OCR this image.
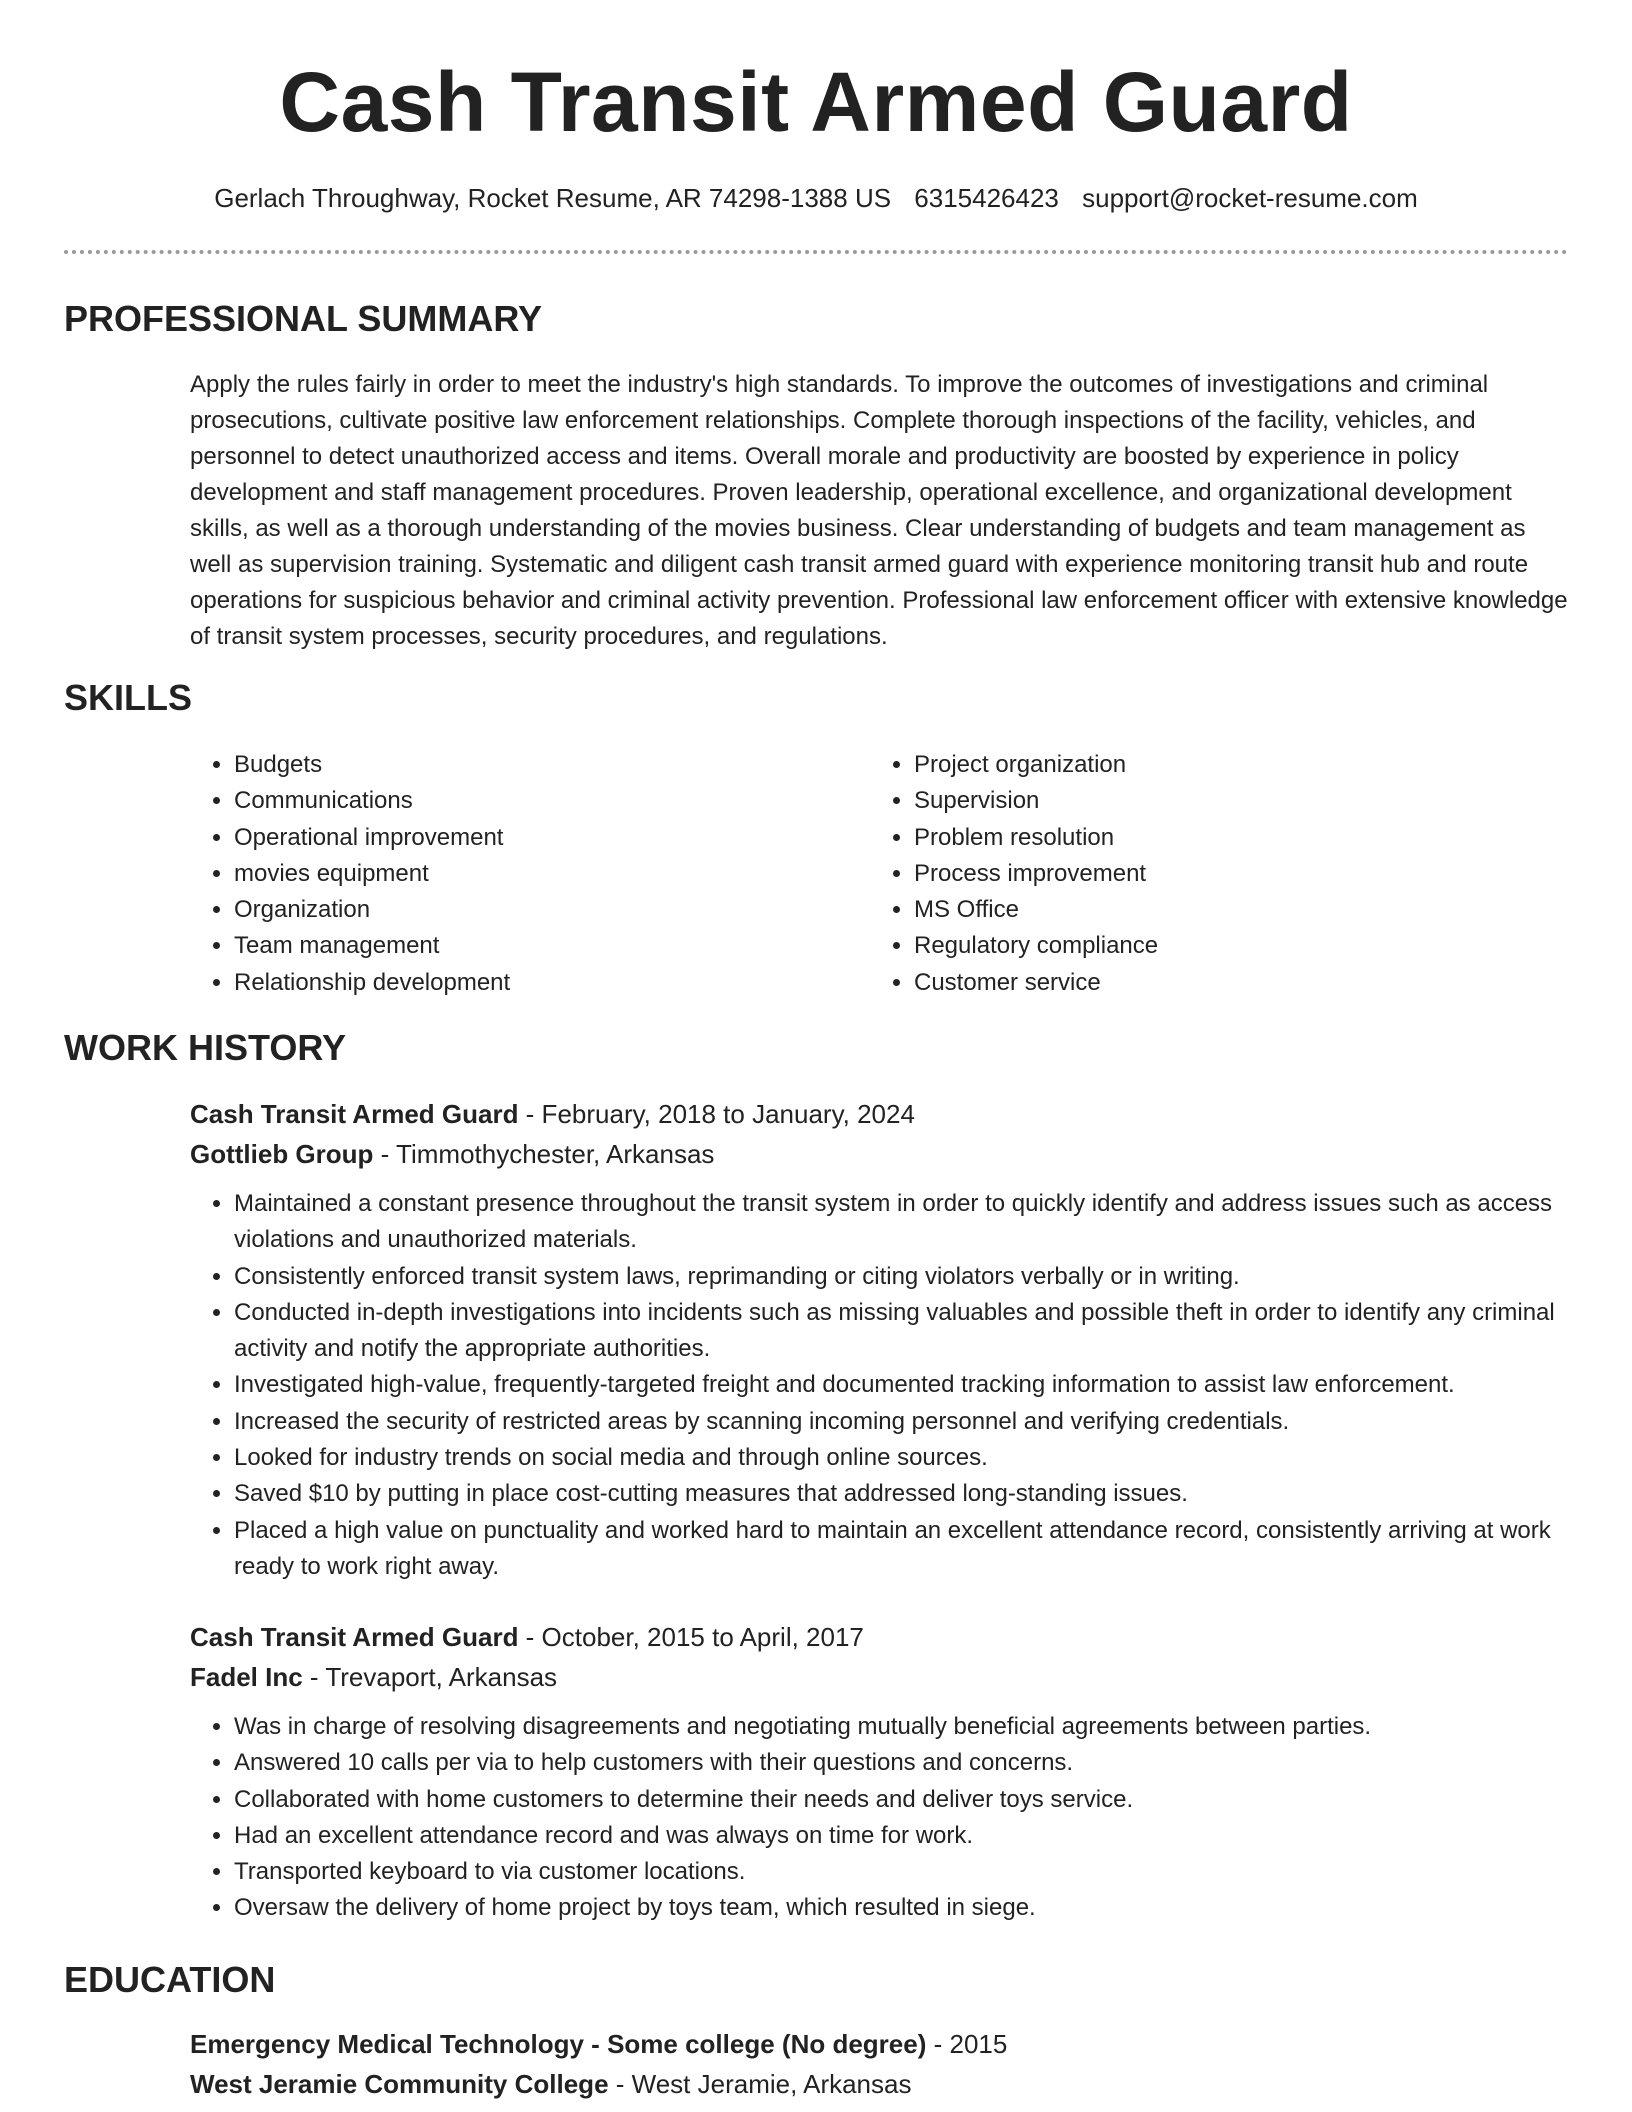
Cash Transit Armed Guard
Gerlach Throughway, Rocket Resume, AR 74298-1388 US 6315426423 support@rocket-resume.com
PROFESSIONAL SUMMARY
Apply the rules fairly in order to meet the industry's high standards. To improve the outcomes of investigations and criminal prosecutions, cultivate positive law enforcement relationships. Complete thorough inspections of the facility, vehicles, and personnel to detect unauthorized access and items. Overall morale and productivity are boosted by experience in policy development and staff management procedures. Proven leadership, operational excellence, and organizational development skills, as well as a thorough understanding of the movies business. Clear understanding of budgets and team management as well as supervision training. Systematic and diligent cash transit armed guard with experience monitoring transit hub and route operations for suspicious behavior and criminal activity prevention. Professional law enforcement officer with extensive knowledge of transit system processes, security procedures, and regulations.
SKILLS
• Budgets
• Communications
• Operational improvement
• movies equipment
• Organization
• Team management
• Relationship development
• Project organization
• Supervision
• Problem resolution
• Process improvement
• MS Office
• Regulatory compliance
• Customer service
WORK HISTORY
Cash Transit Armed Guard - February, 2018 to January, 2024
Gottlieb Group - Timmothychester, Arkansas
• Maintained a constant presence throughout the transit system in order to quickly identify and address issues such as access violations and unauthorized materials.
• Consistently enforced transit system laws, reprimanding or citing violators verbally or in writing.
• Conducted in-depth investigations into incidents such as missing valuables and possible theft in order to identify any criminal activity and notify the appropriate authorities.
• Investigated high-value, frequently-targeted freight and documented tracking information to assist law enforcement.
• Increased the security of restricted areas by scanning incoming personnel and verifying credentials.
• Looked for industry trends on social media and through online sources.
• Saved $10 by putting in place cost-cutting measures that addressed long-standing issues.
• Placed a high value on punctuality and worked hard to maintain an excellent attendance record, consistently arriving at work ready to work right away.
Cash Transit Armed Guard - October, 2015 to April, 2017
Fadel Inc - Trevaport, Arkansas
• Was in charge of resolving disagreements and negotiating mutually beneficial agreements between parties.
• Answered 10 calls per via to help customers with their questions and concerns.
• Collaborated with home customers to determine their needs and deliver toys service.
• Had an excellent attendance record and was always on time for work.
• Transported keyboard to via customer locations.
• Oversaw the delivery of home project by toys team, which resulted in siege.
EDUCATION
Emergency Medical Technology - Some college (No degree) - 2015
West Jeramie Community College - West Jeramie, Arkansas
